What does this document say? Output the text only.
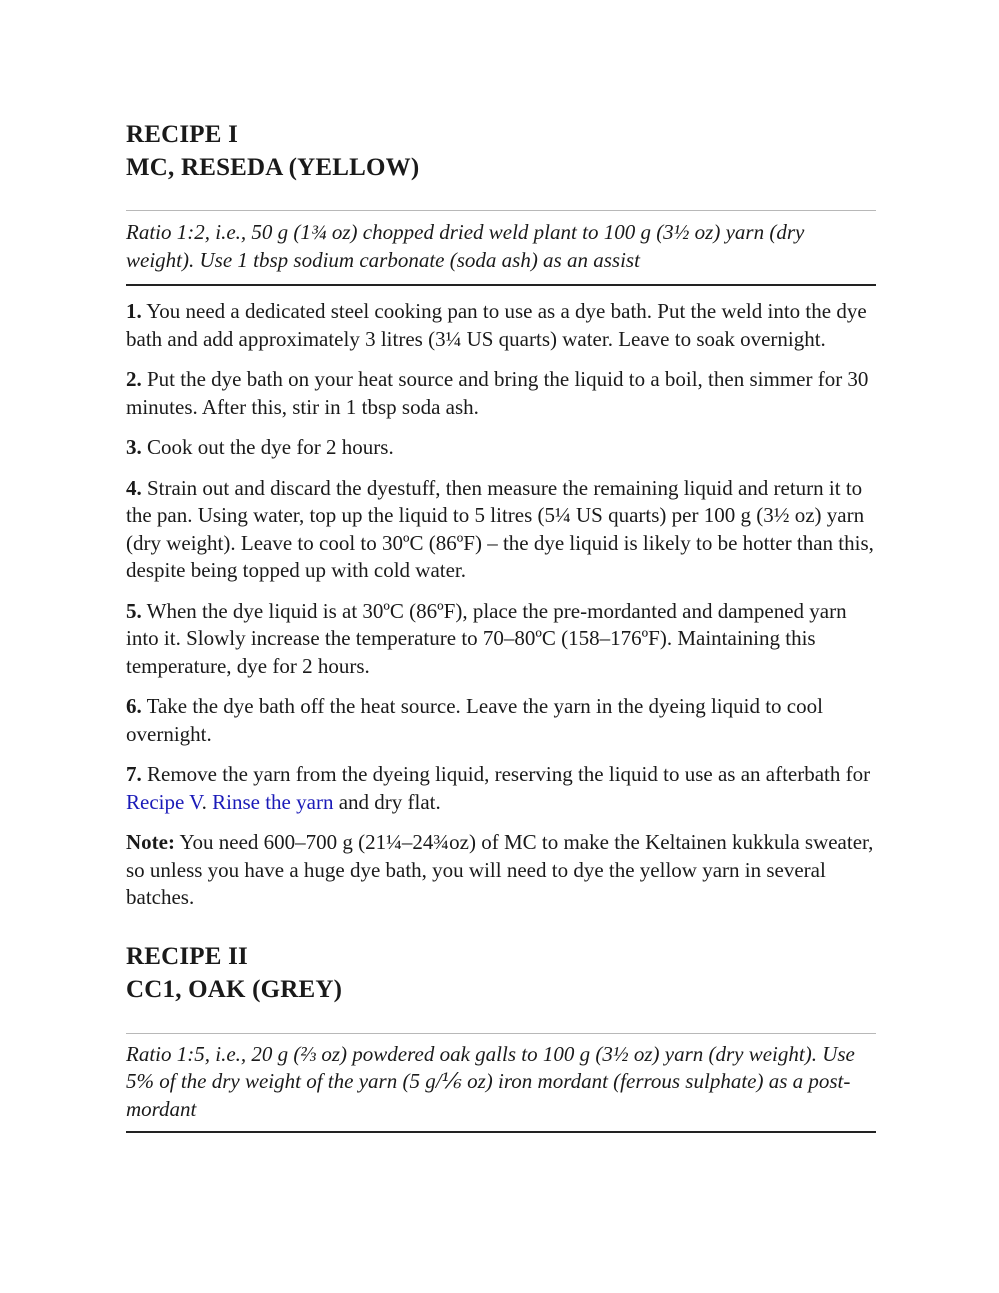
RECIPE I
MC, RESEDA (YELLOW)

Ratio 1:2, i.e., 50 g (1¾ oz) chopped dried weld plant to 100 g (3½ oz) yarn (dry weight). Use 1 tbsp sodium carbonate (soda ash) as an assist

1. You need a dedicated steel cooking pan to use as a dye bath. Put the weld into the dye bath and add approximately 3 litres (3¼ US quarts) water. Leave to soak overnight.

2. Put the dye bath on your heat source and bring the liquid to a boil, then simmer for 30 minutes. After this, stir in 1 tbsp soda ash.

3. Cook out the dye for 2 hours.

4. Strain out and discard the dyestuff, then measure the remaining liquid and return it to the pan. Using water, top up the liquid to 5 litres (5¼ US quarts) per 100 g (3½ oz) yarn (dry weight). Leave to cool to 30ºC (86ºF) – the dye liquid is likely to be hotter than this, despite being topped up with cold water.

5. When the dye liquid is at 30ºC (86ºF), place the pre-mordanted and dampened yarn into it. Slowly increase the temperature to 70–80ºC (158–176ºF). Maintaining this temperature, dye for 2 hours.

6. Take the dye bath off the heat source. Leave the yarn in the dyeing liquid to cool overnight.

7. Remove the yarn from the dyeing liquid, reserving the liquid to use as an afterbath for Recipe V. Rinse the yarn and dry flat.

Note: You need 600–700 g (21¼–24¾oz) of MC to make the Keltainen kukkula sweater, so unless you have a huge dye bath, you will need to dye the yellow yarn in several batches.

RECIPE II
CC1, OAK (GREY)

Ratio 1:5, i.e., 20 g (⅔ oz) powdered oak galls to 100 g (3½ oz) yarn (dry weight). Use 5% of the dry weight of the yarn (5 g/⅙ oz) iron mordant (ferrous sulphate) as a post-mordant
